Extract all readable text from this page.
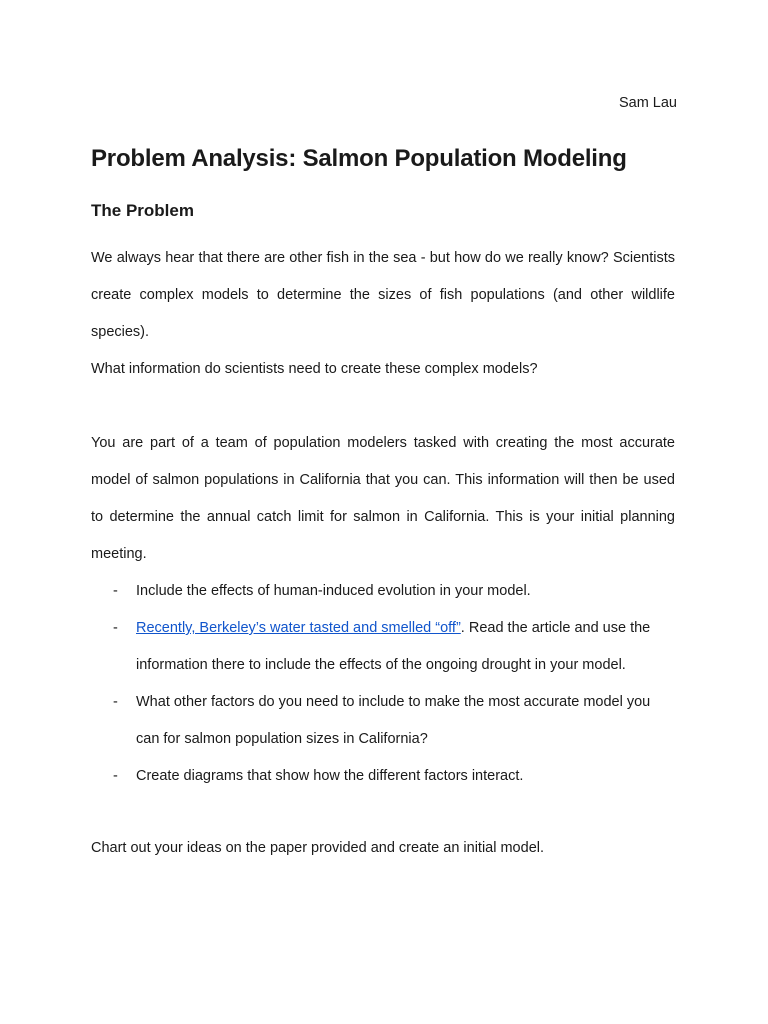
Sam Lau
Problem Analysis: Salmon Population Modeling
The Problem

We always hear that there are other fish in the sea - but how do we really know? Scientists create complex models to determine the sizes of fish populations (and other wildlife species).

What information do scientists need to create these complex models?

You are part of a team of population modelers tasked with creating the most accurate model of salmon populations in California that you can. This information will then be used to determine the annual catch limit for salmon in California. This is your initial planning meeting.

- Include the effects of human-induced evolution in your model.
- Recently, Berkeley’s water tasted and smelled “off”. Read the article and use the information there to include the effects of the ongoing drought in your model.
- What other factors do you need to include to make the most accurate model you can for salmon population sizes in California?
- Create diagrams that show how the different factors interact.

Chart out your ideas on the paper provided and create an initial model.
